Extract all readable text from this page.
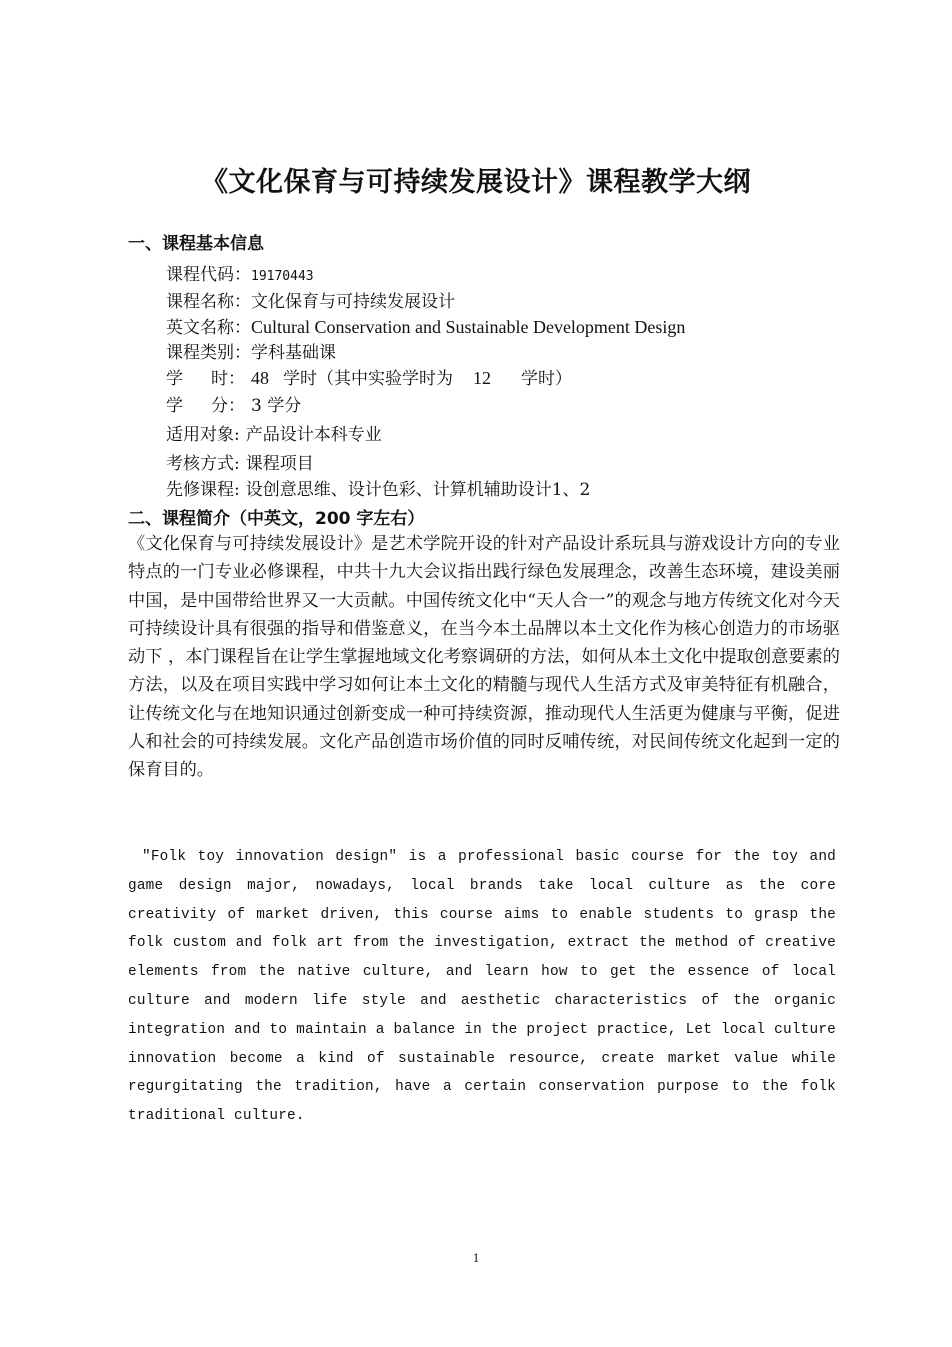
《文化保育与可持续发展设计》课程教学大纲
一、课程基本信息
课程代码：19170443
课程名称：文化保育与可持续发展设计
英文名称：Cultural Conservation and Sustainable Development Design
课程类别：学科基础课
学 时： 48 学时（其中实验学时为 12 学时）
学 分： 3 学分
适用对象: 产品设计本科专业
考核方式: 课程项目
先修课程: 设创意思维、设计色彩、计算机辅助设计1、2
二、课程简介（中英文，200 字左右）

《文化保育与可持续发展设计》是艺术学院开设的针对产品设计系玩具与游戏设计方向的专业特点的一门专业必修课程，中共十九大会议指出践行绿色发展理念，改善生态环境，建设美丽中国，是中国带给世界又一大贡献。中国传统文化中“天人合一”的观念与地方传统文化对今天可持续设计具有很强的指导和借鉴意义，在当今本土品牌以本土文化作为核心创造力的市场驱动下 ，本门课程旨在让学生掌握地域文化考察调研的方法，如何从本土文化中提取创意要素的方法，以及在项目实践中学习如何让本土文化的精髓与现代人生活方式及审美特征有机融合，让传统文化与在地知识通过创新变成一种可持续资源，推动现代人生活更为健康与平衡，促进人和社会的可持续发展。文化产品创造市场价值的同时反哺传统，对民间传统文化起到一定的保育目的。

"Folk toy innovation design" is a professional basic course for the toy and game design major, nowadays, local brands take local culture as the core creativity of market driven, this course aims to enable students to grasp the folk custom and folk art from the investigation, extract the method of creative elements from the native culture, and learn how to get the essence of local culture and modern life style and aesthetic characteristics of the organic integration and to maintain a balance in the project practice, Let local culture innovation become a kind of sustainable resource, create market value while regurgitating the tradition, have a certain conservation purpose to the folk traditional culture.

1
